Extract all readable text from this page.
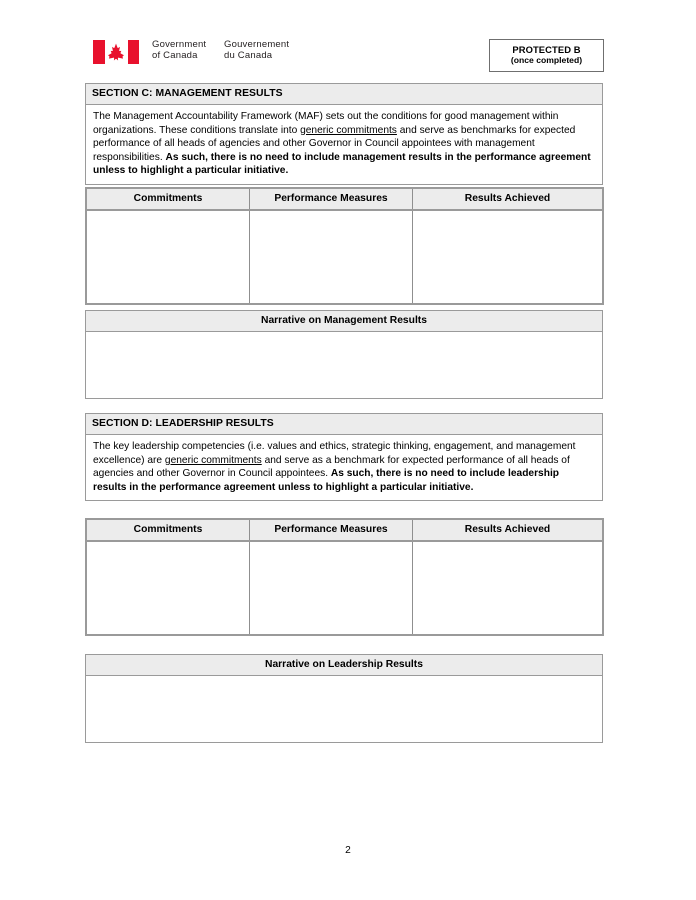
Government
of Canada
Gouvernement
du Canada
PROTECTED B
(once completed)
SECTION C: MANAGEMENT RESULTS
The Management Accountability Framework (MAF) sets out the conditions for good management within organizations. These conditions translate into generic commitments and serve as benchmarks for expected performance of all heads of agencies and other Governor in Council appointees with management responsibilities. As such, there is no need to include management results in the performance agreement unless to highlight a particular initiative.
Commitments	Performance Measures	Results Achieved
Narrative on Management Results
SECTION D: LEADERSHIP RESULTS
The key leadership competencies (i.e. values and ethics, strategic thinking, engagement, and management excellence) are generic commitments and serve as a benchmark for expected performance of all heads of agencies and other Governor in Council appointees. As such, there is no need to include leadership results in the performance agreement unless to highlight a particular initiative.
Commitments	Performance Measures	Results Achieved
Narrative on Leadership Results
2
